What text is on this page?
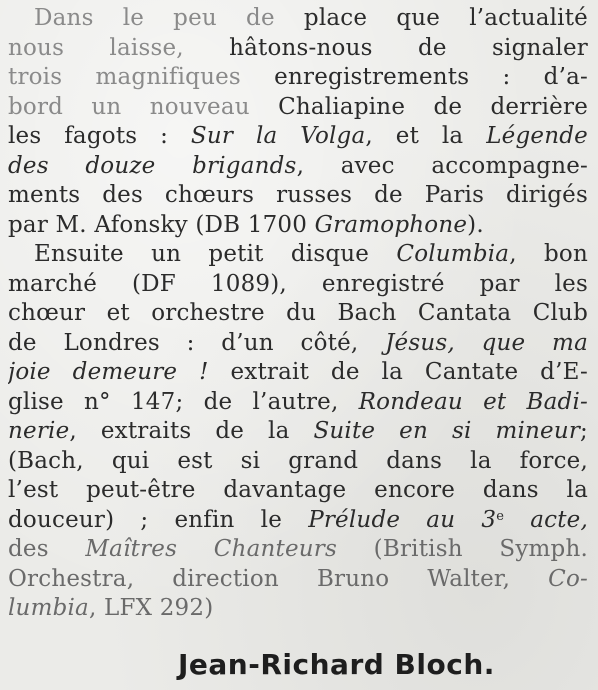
Dans le peu de place que l’actualité
nous laisse, hâtons-nous de signaler
trois magnifiques enregistrements : d’a-
bord un nouveau Chaliapine de derrière
les fagots : Sur la Volga, et la Légende
des douze brigands, avec accompagne-
ments des chœurs russes de Paris dirigés
par M. Afonsky (DB 1700 Gramophone).
Ensuite un petit disque Columbia, bon
marché (DF 1089), enregistré par les
chœur et orchestre du Bach Cantata Club
de Londres : d’un côté, Jésus, que ma
joie demeure ! extrait de la Cantate d’E-
glise n° 147; de l’autre, Rondeau et Badi-
nerie, extraits de la Suite en si mineur;
(Bach, qui est si grand dans la force,
l’est peut-être davantage encore dans la
douceur) ; enfin le Prélude au 3e acte,
des Maîtres Chanteurs (British Symph.
Orchestra, direction Bruno Walter, Co-
lumbia, LFX 292)
Jean-Richard Bloch.
